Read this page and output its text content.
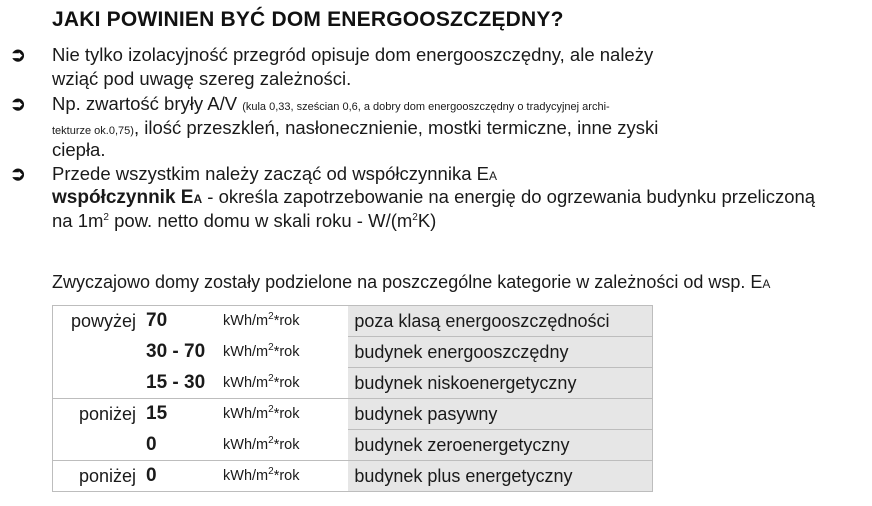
JAKI POWINIEN BYĆ DOM ENERGOOSZCZĘDNY?
➲ Nie tylko izolacyjność przegród opisuje dom energooszczędny, ale należy
wziąć pod uwagę szereg zależności.
➲ Np. zwartość bryły A/V (kula 0,33, sześcian 0,6, a dobry dom energooszczędny o tradycyjnej archi-
tekturze ok.0,75), ilość przeszkleń, nasłonecznienie, mostki termiczne, inne zyski
ciepła.
➲ Przede wszystkim należy zacząć od współczynnika EA
współczynnik EA - określa zapotrzebowanie na energię do ogrzewania budynku przeliczoną
na $1m^2$ pow. netto domu w skali roku - $W/(m^2K)$
Zwyczajowo domy zostały podzielone na poszczególne kategorie w zależności od wsp. EA
powyżej	70	kWh/$m^2*rok$	poza klasą energooszczędności
	30 - 70	kWh/$m^2*rok$	budynek energooszczędny
	15 - 30	kWh/$m^2*rok$	budynek niskoenergetyczny
poniżej	15	kWh/$m^2*rok$	budynek pasywny
	0	kWh/$m^2*rok$	budynek zeroenergetyczny
poniżej	0	kWh/$m^2*rok$	budynek plus energetyczny
